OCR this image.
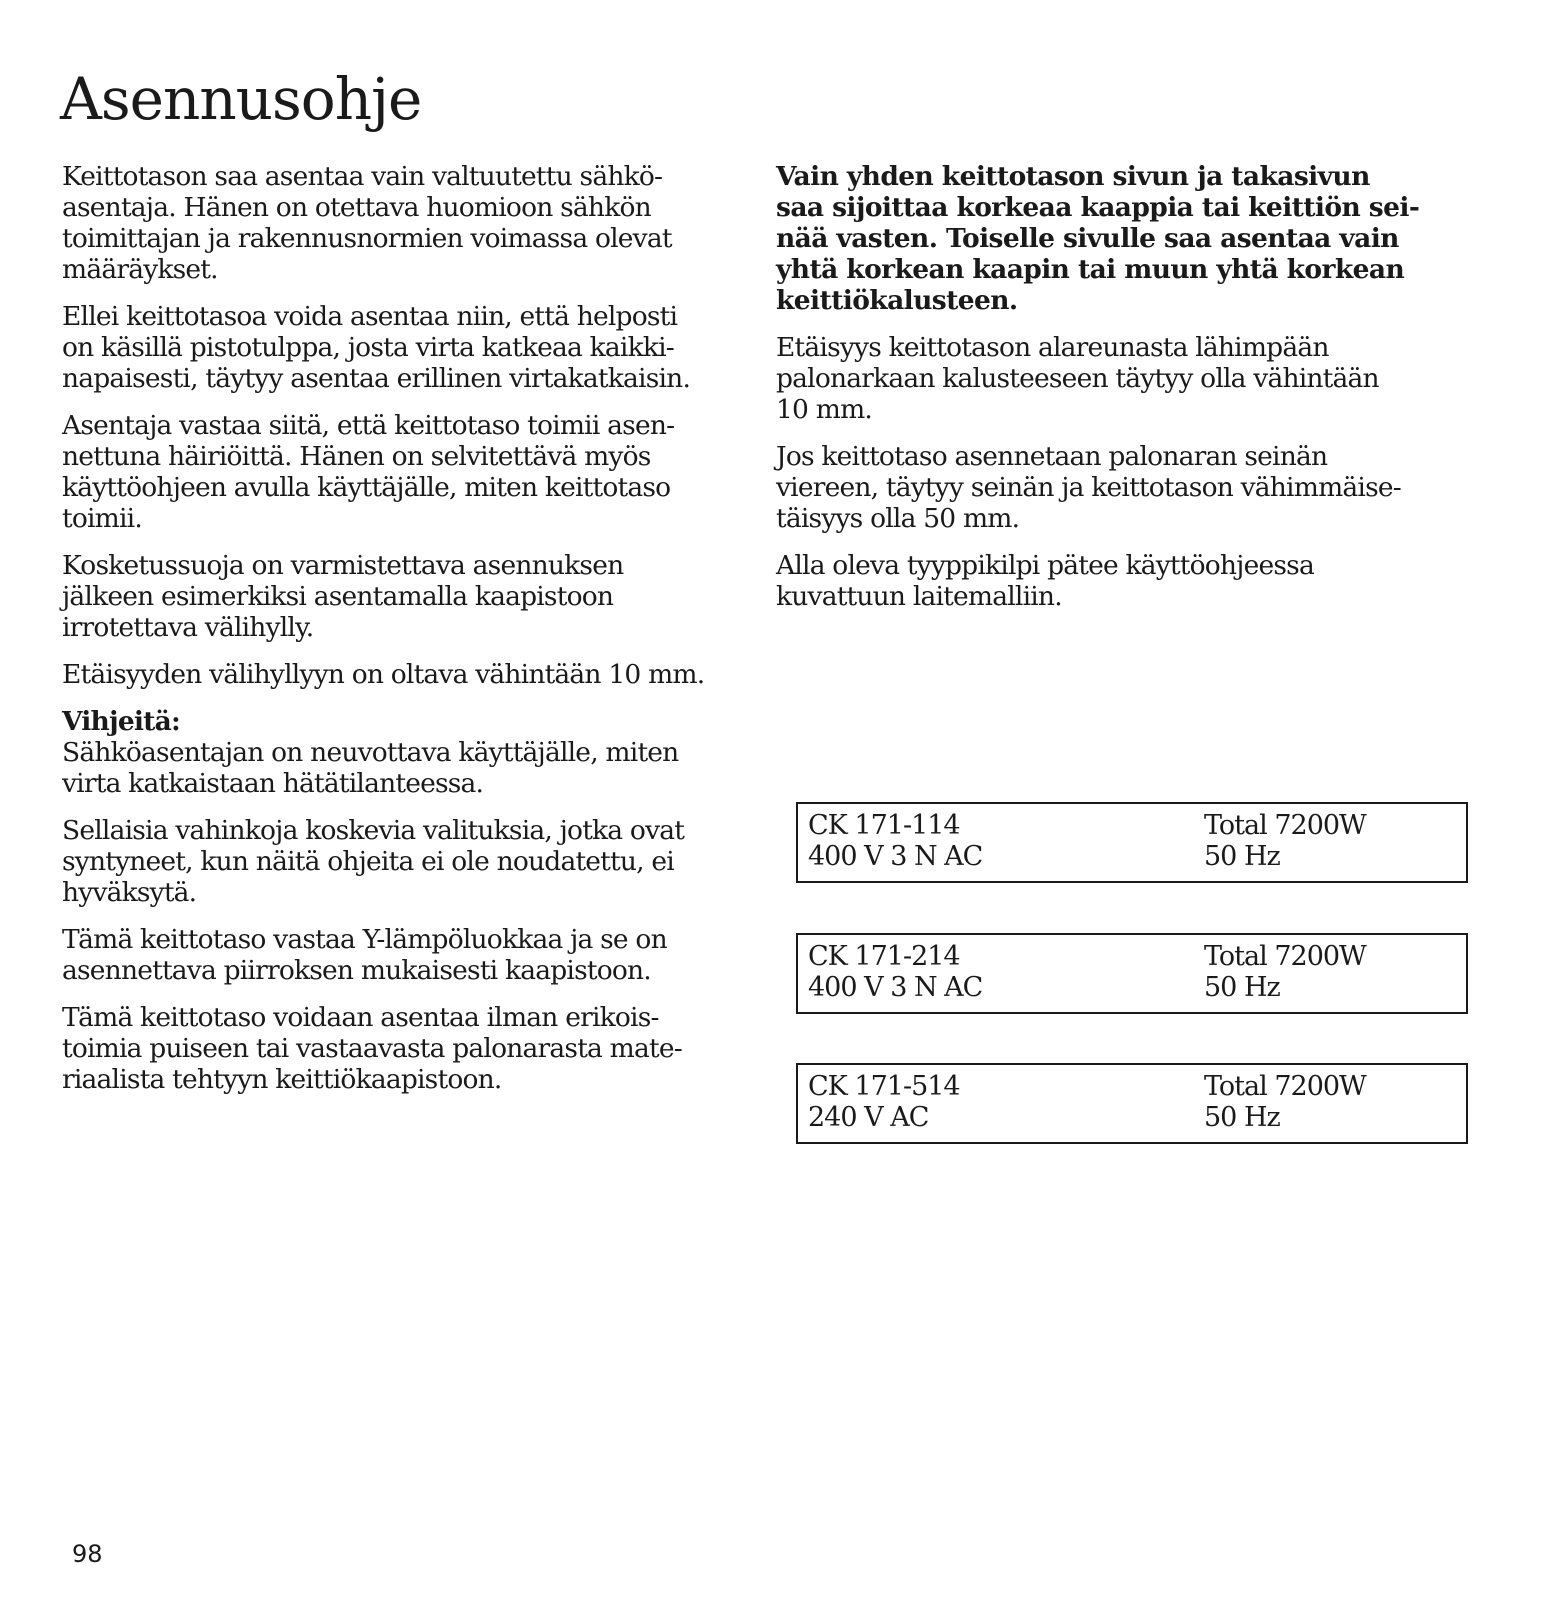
Asennusohje

Keittotason saa asentaa vain valtuutettu sähkö-
asentaja. Hänen on otettava huomioon sähkön
toimittajan ja rakennusnormien voimassa olevat
määräykset.

Ellei keittotasoa voida asentaa niin, että helposti
on käsillä pistotulppa, josta virta katkeaa kaikki-
napaisesti, täytyy asentaa erillinen virtakatkaisin.

Asentaja vastaa siitä, että keittotaso toimii asen-
nettuna häiriöittä. Hänen on selvitettävä myös
käyttöohjeen avulla käyttäjälle, miten keittotaso
toimii.

Kosketussuoja on varmistettava asennuksen
jälkeen esimerkiksi asentamalla kaapistoon
irrotettava välihylly.

Etäisyyden välihyllyyn on oltava vähintään 10 mm.

Vihjeitä:
Sähköasentajan on neuvottava käyttäjälle, miten
virta katkaistaan hätätilanteessa.

Sellaisia vahinkoja koskevia valituksia, jotka ovat
syntyneet, kun näitä ohjeita ei ole noudatettu, ei
hyväksytä.

Tämä keittotaso vastaa Y-lämpöluokkaa ja se on
asennettava piirroksen mukaisesti kaapistoon.

Tämä keittotaso voidaan asentaa ilman erikois-
toimia puiseen tai vastaavasta palonarasta mate-
riaalista tehtyyn keittiökaapistoon.

Vain yhden keittotason sivun ja takasivun
saa sijoittaa korkeaa kaappia tai keittiön sei-
nää vasten. Toiselle sivulle saa asentaa vain
yhtä korkean kaapin tai muun yhtä korkean
keittiökalusteen.

Etäisyys keittotason alareunasta lähimpään
palonarkaan kalusteeseen täytyy olla vähintään
10 mm.

Jos keittotaso asennetaan palonaran seinän
viereen, täytyy seinän ja keittotason vähimmäise-
täisyys olla 50 mm.

Alla oleva tyyppikilpi pätee käyttöohjeessa
kuvattuun laitemalliin.

CK 171-114
400 V 3 N AC
Total 7200W
50 Hz
CK 171-214
400 V 3 N AC
Total 7200W
50 Hz
CK 171-514
240 V AC
Total 7200W
50 Hz
98
